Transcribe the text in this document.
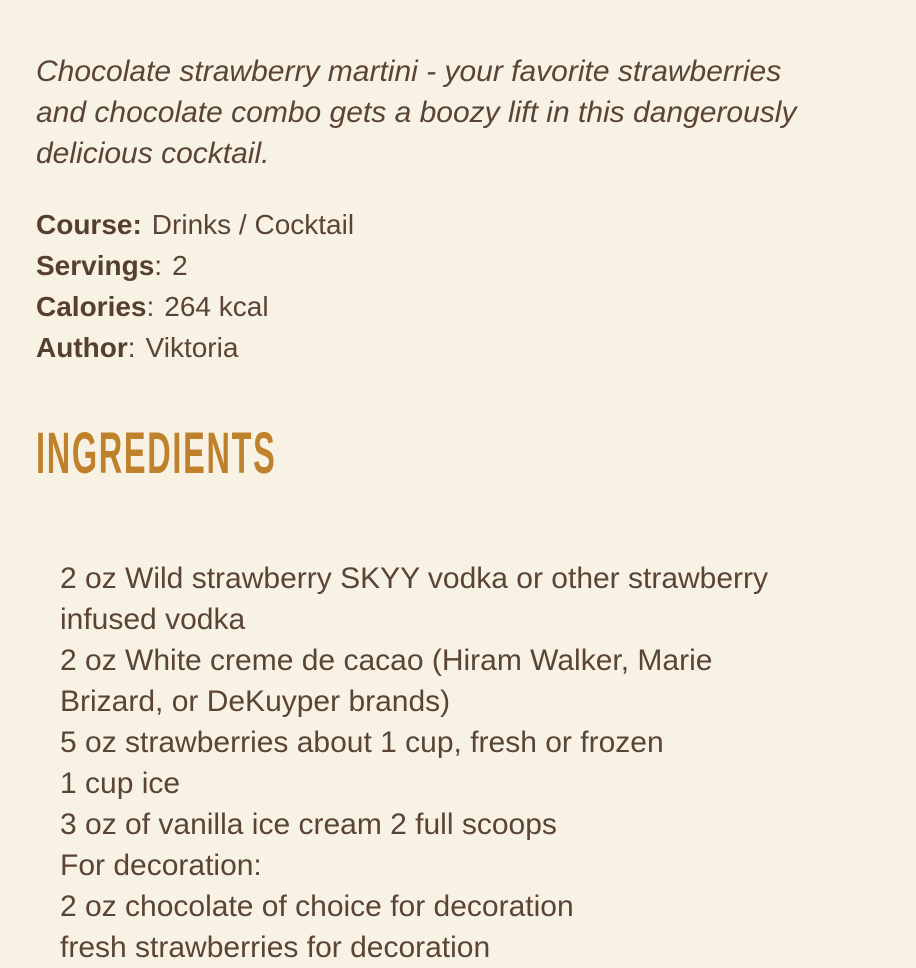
Chocolate strawberry martini - your favorite strawberries and chocolate combo gets a boozy lift in this dangerously delicious cocktail.

Course: Drinks / Cocktail
Servings: 2
Calories: 264 kcal
Author: Viktoria
INGREDIENTS

2 oz Wild strawberry SKYY vodka or other strawberry infused vodka

2 oz White creme de cacao (Hiram Walker, Marie Brizard, or DeKuyper brands)

5 oz strawberries about 1 cup, fresh or frozen

1 cup ice

3 oz of vanilla ice cream 2 full scoops

For decoration:

2 oz chocolate of choice for decoration

fresh strawberries for decoration
